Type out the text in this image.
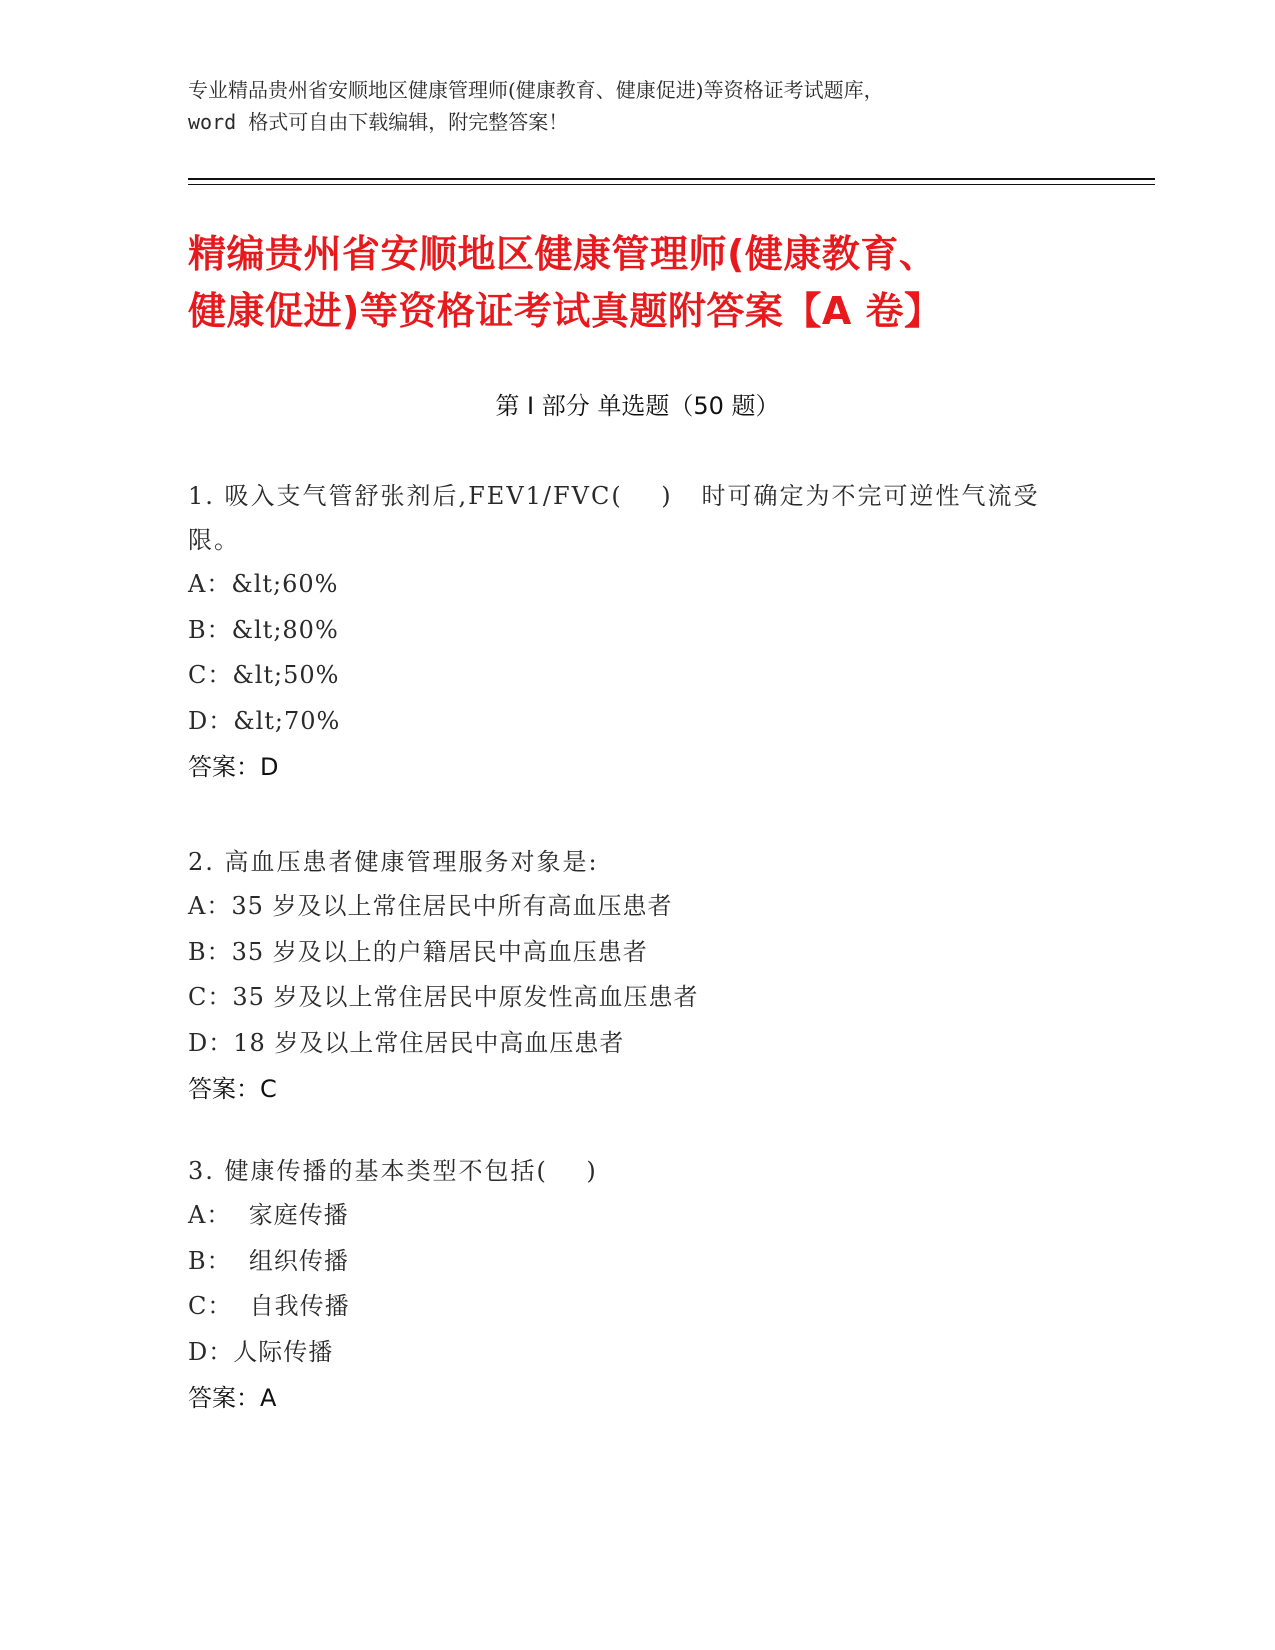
专业精品贵州省安顺地区健康管理师(健康教育、健康促进)等资格证考试题库，
word 格式可自由下载编辑，附完整答案！
精编贵州省安顺地区健康管理师(健康教育、
健康促进)等资格证考试真题附答案【A 卷】
第 I 部分 单选题（50 题）
1. 吸入支气管舒张剂后,FEV1/FVC(    )   时可确定为不完可逆性气流受限。
A：&lt;60%
B：&lt;80%
C：&lt;50%
D：&lt;70%
答案：D
2. 高血压患者健康管理服务对象是:
A：35 岁及以上常住居民中所有高血压患者
B：35 岁及以上的户籍居民中高血压患者
C：35 岁及以上常住居民中原发性高血压患者
D：18 岁及以上常住居民中高血压患者
答案：C
3. 健康传播的基本类型不包括(    )
A：  家庭传播
B：  组织传播
C：  自我传播
D：人际传播
答案：A
